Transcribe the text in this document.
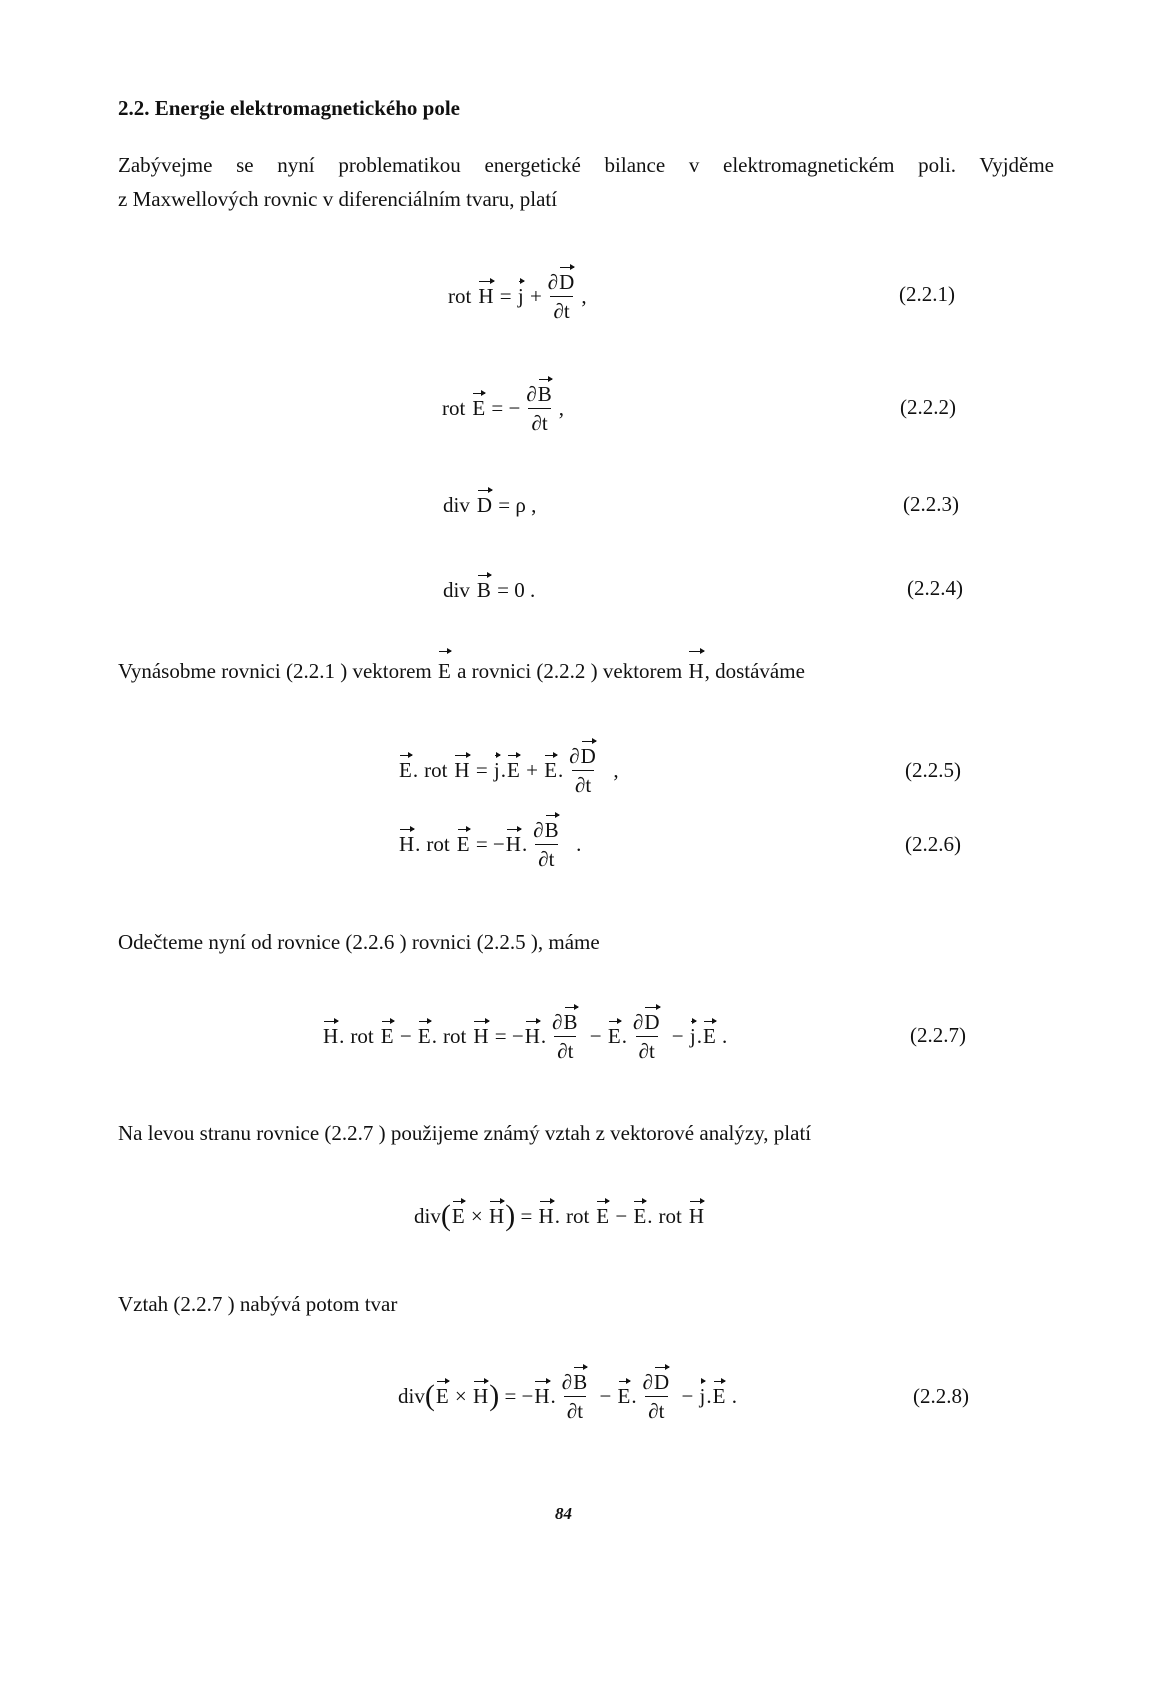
2.2. Energie elektromagnetického pole
Zabývejme se nyní problematikou energetické bilance v elektromagnetickém poli. Vyjděme
z Maxwellových rovnic v diferenciálním tvaru, platí
rot $H = j + \frac{\partial D}{\partial t}$ ,	(2.2.1)
rot E = − $\frac{\partial B}{\partial t}$ ,	(2.2.2)
div D = ρ ,	(2.2.3)
div B = 0 .	(2.2.4)
Vynásobme rovnici (2.2.1 ) vektorem E a rovnici (2.2.2 ) vektorem H, dostáváme
E . rot H = j . E + E . $\frac{\partial D}{\partial t}$ ,	(2.2.5)
H . rot E = − H . $\frac{\partial B}{\partial t}$ .	(2.2.6)
Odečteme nyní od rovnice (2.2.6 ) rovnici (2.2.5 ), máme
H . rot E − E . rot H = − H . $\frac{\partial B}{\partial t} - E$ . $\frac{\partial D}{\partial t} - j$ . E .	(2.2.7)
Na levou stranu rovnice (2.2.7 ) použijeme známý vztah z vektorové analýzy, platí
div ( E × H ) = H . rot E − E . rot H
Vztah (2.2.7 ) nabývá potom tvar
div ( E × H ) = − H . $\frac{\partial B}{\partial t} - E$ . $\frac{\partial D}{\partial t} - j$ . E .	(2.2.8)
84
